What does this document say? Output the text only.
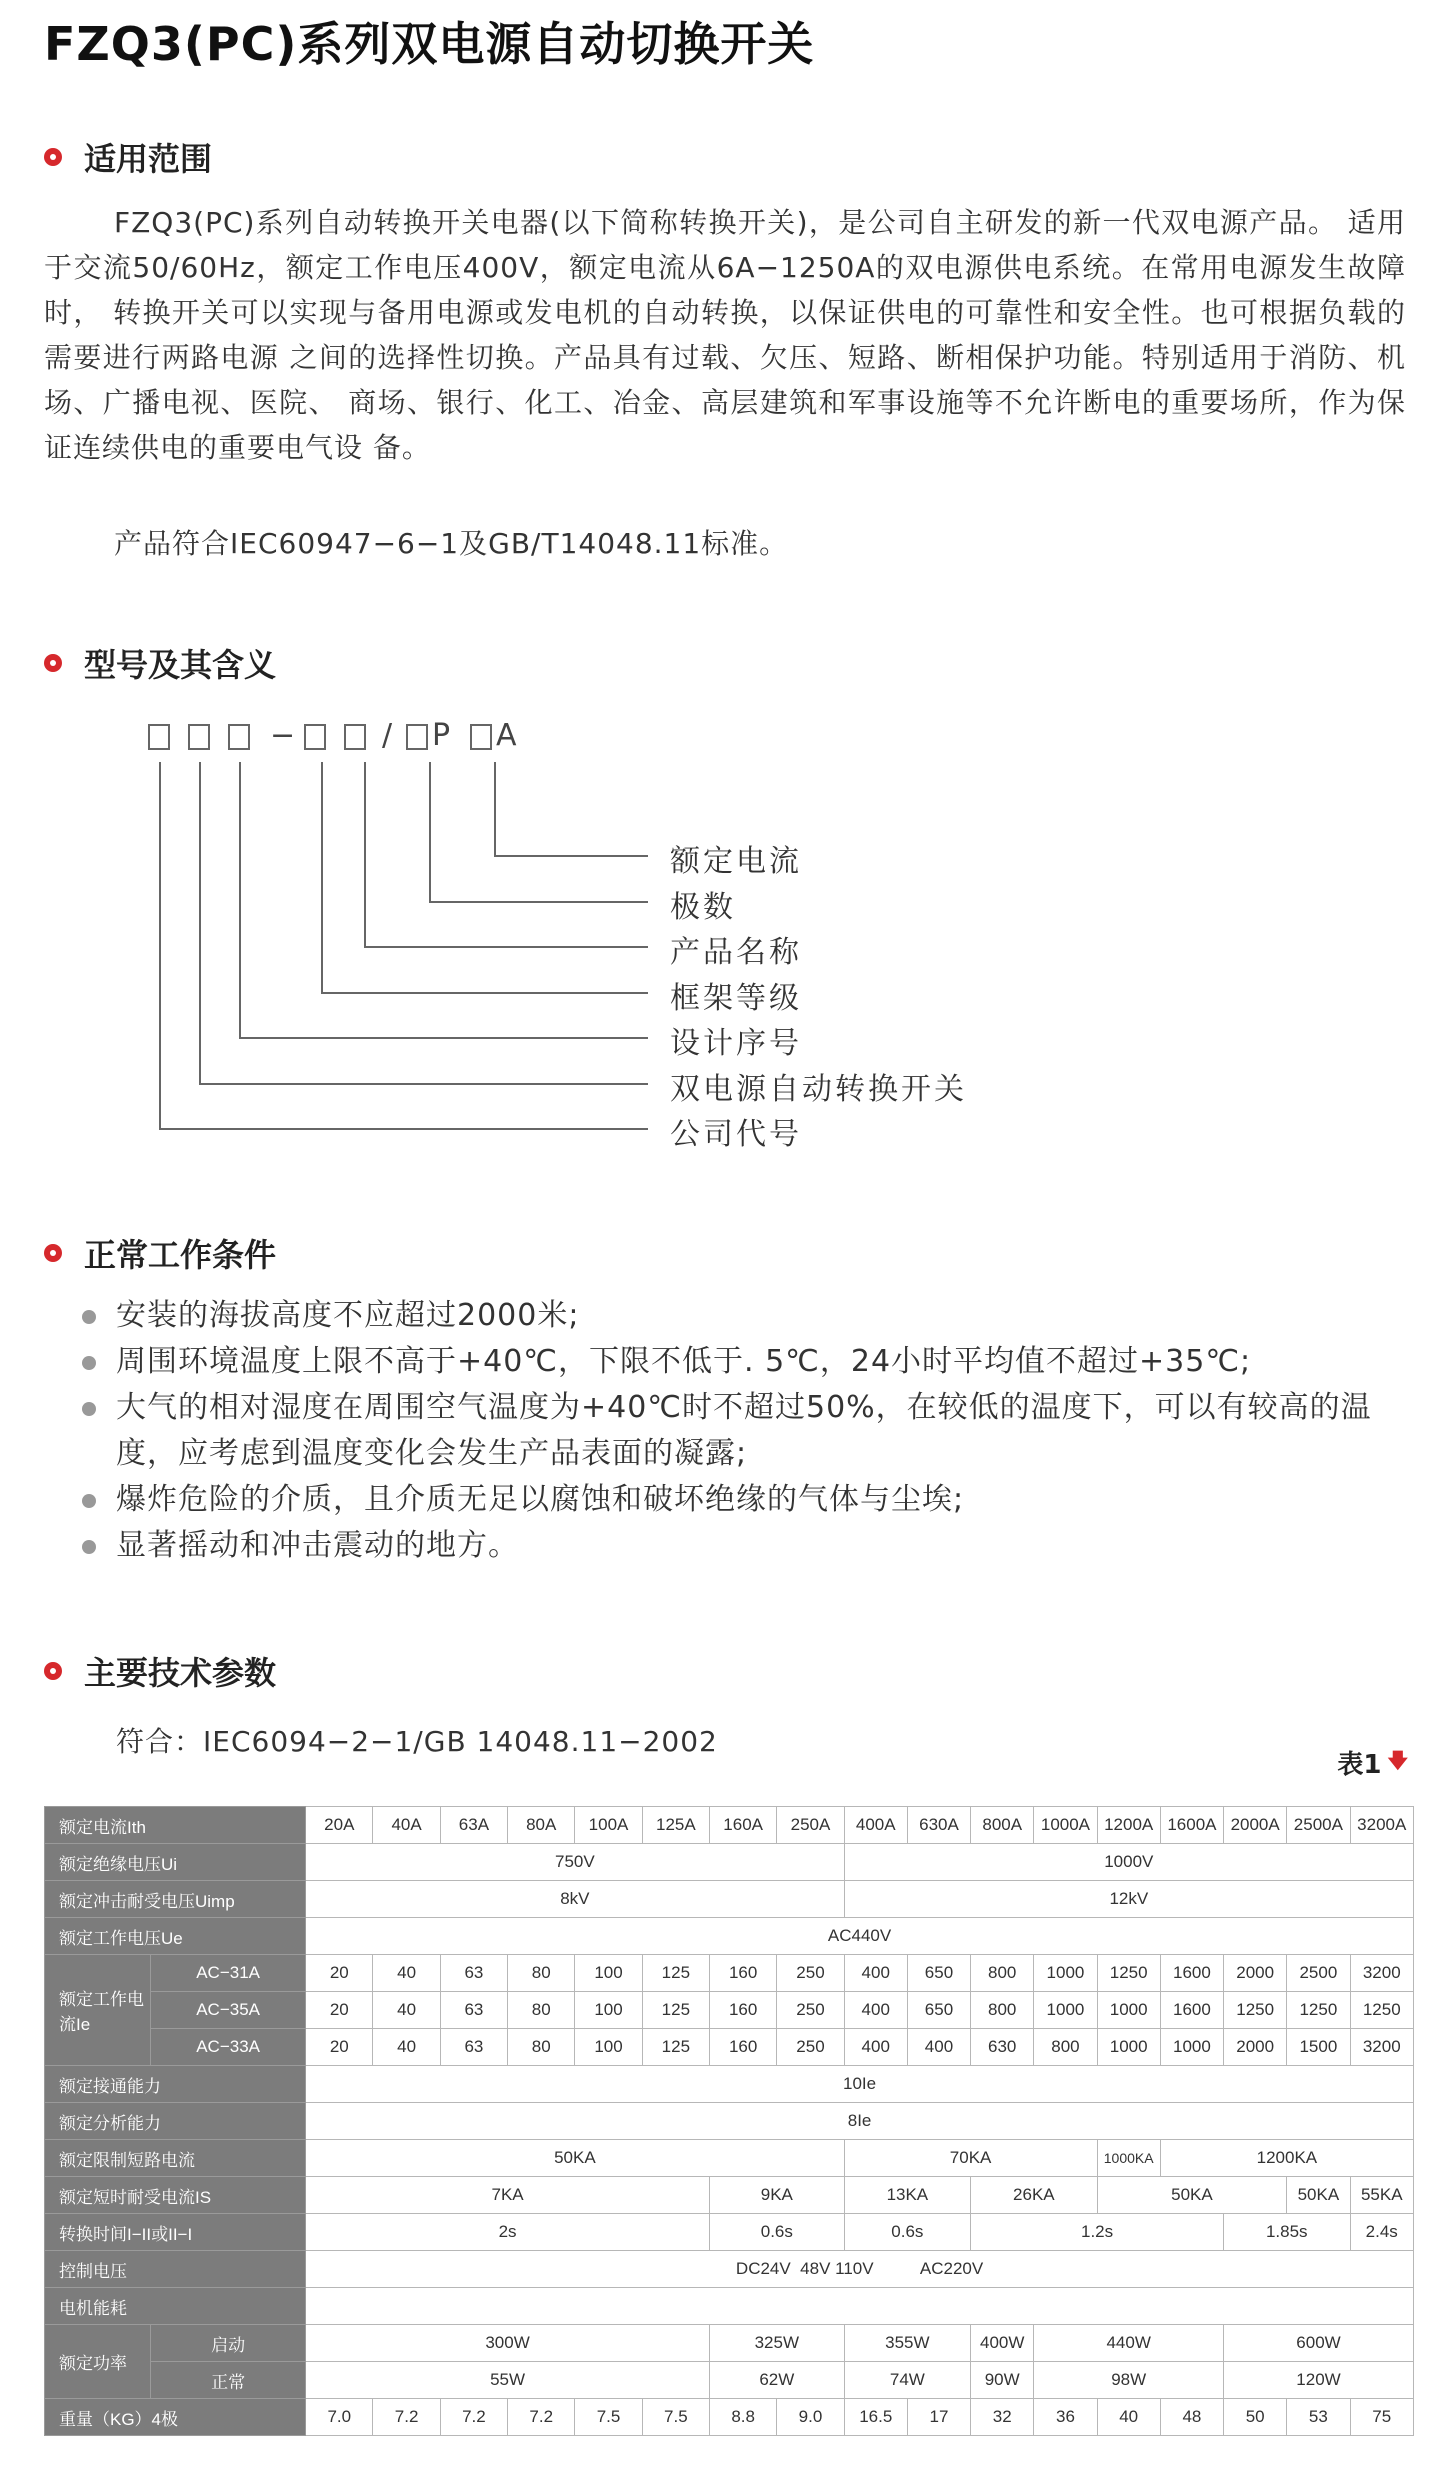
FZQ3(PC)系列双电源自动切换开关
适用范围

FZQ3(PC)系列自动转换开关电器(以下简称转换开关)，是公司自主研发的新一代双电源产品。 适用于交流50/60Hz，额定工作电压400V，额定电流从6A−1250A的双电源供电系统。在常用电源发生故障时， 转换开关可以实现与备用电源或发电机的自动转换，以保证供电的可靠性和安全性。也可根据负载的需要进行两路电源 之间的选择性切换。产品具有过载、欠压、短路、断相保护功能。特别适用于消防、机场、广播电视、医院、 商场、银行、化工、冶金、高层建筑和军事设施等不允许断电的重要场所，作为保证连续供电的重要电气设 备。

产品符合IEC60947−6−1及GB/T14048.11标准。

型号及其含义
−	/ P A
额定电流
极数
产品名称
框架等级
设计序号
双电源自动转换开关
公司代号
正常工作条件
安装的海拔高度不应超过2000米;
周围环境温度上限不高于+40℃，下限不低于. 5℃，24小时平均值不超过+35℃;
大气的相对湿度在周围空气温度为+40℃时不超过50%，在较低的温度下，可以有较高的温度，应考虑到温度变化会发生产品表面的凝露;
爆炸危险的介质，且介质无足以腐蚀和破坏绝缘的气体与尘埃;
显著摇动和冲击震动的地方。
主要技术参数
符合：IEC6094−2−1/GB 14048.11−2002
表1 🡇
额定电流Ith		20A	40A	63A	80A	100A	125A	160A	250A	400A	630A	800A	1000A	1200A	1600A	2000A	2500A	3200A
额定绝缘电压Ui		750V								1000V								
额定冲击耐受电压Uimp		8kV								12kV								
额定工作电压Ue		AC440V																
额定工作电流Ie	AC−31A	20	40	63	80	100	125	160	250	400	650	800	1000	1250	1600	2000	2500	3200
	AC−35A	20	40	63	80	100	125	160	250	400	650	800	1000	1000	1600	1250	1250	1250
	AC−33A	20	40	63	80	100	125	160	250	400	400	630	800	1000	1000	2000	1500	3200
额定接通能力		10Ie																
额定分析能力		8Ie																
额定限制短路电流		50KA								70KA				1000KA	1200KA			
额定短时耐受电流IS		7KA						9KA		13KA		26KA		50KA			50KA	55KA
转换时间I−II或II−I		2s						0.6s		0.6s		1.2s				1.85s		2.4s
控制电压		DC24V  48V 110V          AC220V																
电机能耗																		
额定功率	启动	300W						325W		355W		400W	440W			600W		
	正常	55W						62W		74W		90W	98W			120W		
重量（KG）4极		7.0	7.2	7.2	7.2	7.5	7.5	8.8	9.0	16.5	17	32	36	40	48	50	53	75
